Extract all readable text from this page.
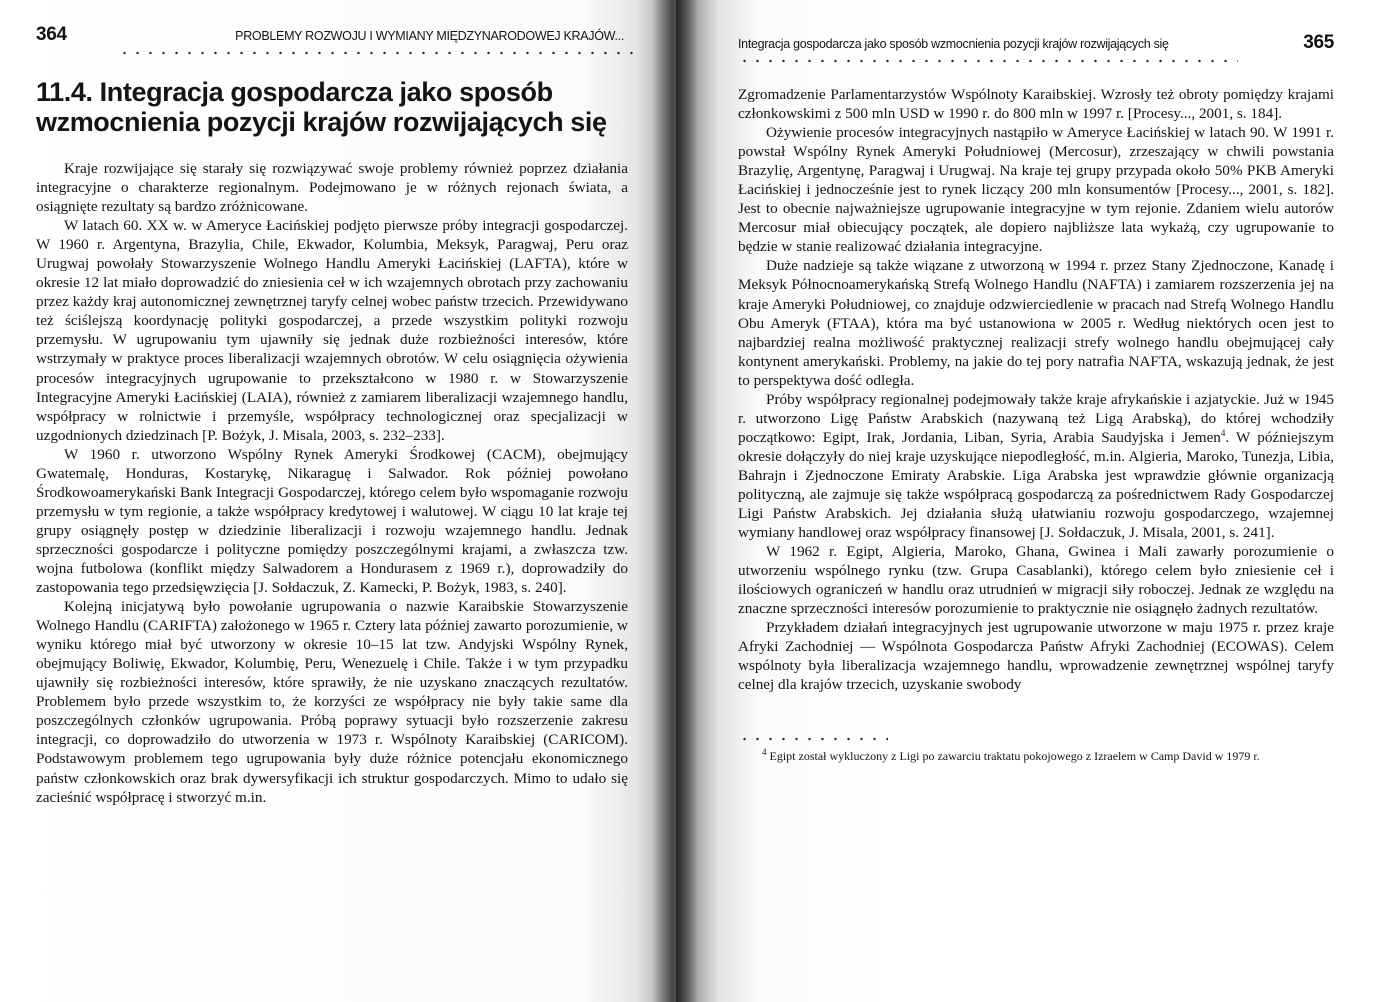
364	PROBLEMY ROZWOJU I WYMIANY MIĘDZYNARODOWEJ KRAJÓW...
11.4. Integracja gospodarcza jako sposób
wzmocnienia pozycji krajów rozwijających się

Kraje rozwijające się starały się rozwiązywać swoje problemy również poprzez działania integracyjne o charakterze regionalnym. Podejmowano je w różnych rejonach świata, a osiągnięte rezultaty są bardzo zróżnicowane.

W latach 60. XX w. w Ameryce Łacińskiej podjęto pierwsze próby integracji gospodarczej. W 1960 r. Argentyna, Brazylia, Chile, Ekwador, Kolumbia, Meksyk, Paragwaj, Peru oraz Urugwaj powołały Stowarzyszenie Wolnego Handlu Ameryki Łacińskiej (LAFTA), które w okresie 12 lat miało doprowadzić do zniesienia ceł w ich wzajemnych obrotach przy zachowaniu przez każdy kraj autonomicznej zewnętrznej taryfy celnej wobec państw trzecich. Przewidywano też ściślejszą koordynację polityki gospodarczej, a przede wszystkim polityki rozwoju przemysłu. W ugrupowaniu tym ujawniły się jednak duże rozbieżności interesów, które wstrzymały w praktyce proces liberalizacji wzajemnych obrotów. W celu osiągnięcia ożywienia procesów integracyjnych ugrupowanie to przekształcono w 1980 r. w Stowarzyszenie Integracyjne Ameryki Łacińskiej (LAIA), również z zamiarem liberalizacji wzajemnego handlu, współpracy w rolnictwie i przemyśle, współpracy technologicznej oraz specjalizacji w uzgodnionych dziedzinach [P. Bożyk, J. Misala, 2003, s. 232–233].

W 1960 r. utworzono Wspólny Rynek Ameryki Środkowej (CACM), obejmujący Gwatemalę, Honduras, Kostarykę, Nikaraguę i Salwador. Rok później powołano Środkowoamerykański Bank Integracji Gospodarczej, którego celem było wspomaganie rozwoju przemysłu w tym regionie, a także współpracy kredytowej i walutowej. W ciągu 10 lat kraje tej grupy osiągnęły postęp w dziedzinie liberalizacji i rozwoju wzajemnego handlu. Jednak sprzeczności gospodarcze i polityczne pomiędzy poszczególnymi krajami, a zwłaszcza tzw. wojna futbolowa (konflikt między Salwadorem a Hondurasem z 1969 r.), doprowadziły do zastopowania tego przedsięwzięcia [J. Sołdaczuk, Z. Kamecki, P. Bożyk, 1983, s. 240].

Kolejną inicjatywą było powołanie ugrupowania o nazwie Karaibskie Stowarzyszenie Wolnego Handlu (CARIFTA) założonego w 1965 r. Cztery lata później zawarto porozumienie, w wyniku którego miał być utworzony w okresie 10–15 lat tzw. Andyjski Wspólny Rynek, obejmujący Boliwię, Ekwador, Kolumbię, Peru, Wenezuelę i Chile. Także i w tym przypadku ujawniły się rozbieżności interesów, które sprawiły, że nie uzyskano znaczących rezultatów. Problemem było przede wszystkim to, że korzyści ze współpracy nie były takie same dla poszczególnych członków ugrupowania. Próbą poprawy sytuacji było rozszerzenie zakresu integracji, co doprowadziło do utworzenia w 1973 r. Wspólnoty Karaibskiej (CARICOM). Podstawowym problemem tego ugrupowania były duże różnice potencjału ekonomicznego państw członkowskich oraz brak dywersyfikacji ich struktur gospodarczych. Mimo to udało się zacieśnić współpracę i stworzyć m.in.

Integracja gospodarcza jako sposób wzmocnienia pozycji krajów rozwijających się	365

Zgromadzenie Parlamentarzystów Wspólnoty Karaibskiej. Wzrosły też obroty pomiędzy krajami członkowskimi z 500 mln USD w 1990 r. do 800 mln w 1997 r. [Procesy..., 2001, s. 184].

Ożywienie procesów integracyjnych nastąpiło w Ameryce Łacińskiej w latach 90. W 1991 r. powstał Wspólny Rynek Ameryki Południowej (Mercosur), zrzeszający w chwili powstania Brazylię, Argentynę, Paragwaj i Urugwaj. Na kraje tej grupy przypada około 50% PKB Ameryki Łacińskiej i jednocześnie jest to rynek liczący 200 mln konsumentów [Procesy..., 2001, s. 182]. Jest to obecnie najważniejsze ugrupowanie integracyjne w tym rejonie. Zdaniem wielu autorów Mercosur miał obiecujący początek, ale dopiero najbliższe lata wykażą, czy ugrupowanie to będzie w stanie realizować działania integracyjne.

Duże nadzieje są także wiązane z utworzoną w 1994 r. przez Stany Zjednoczone, Kanadę i Meksyk Północnoamerykańską Strefą Wolnego Handlu (NAFTA) i zamiarem rozszerzenia jej na kraje Ameryki Południowej, co znajduje odzwierciedlenie w pracach nad Strefą Wolnego Handlu Obu Ameryk (FTAA), która ma być ustanowiona w 2005 r. Według niektórych ocen jest to najbardziej realna możliwość praktycznej realizacji strefy wolnego handlu obejmującej cały kontynent amerykański. Problemy, na jakie do tej pory natrafia NAFTA, wskazują jednak, że jest to perspektywa dość odległa.

Próby współpracy regionalnej podejmowały także kraje afrykańskie i azjatyckie. Już w 1945 r. utworzono Ligę Państw Arabskich (nazywaną też Ligą Arabską), do której wchodziły początkowo: Egipt, Irak, Jordania, Liban, Syria, Arabia Saudyjska i Jemen$^4$. W późniejszym okresie dołączyły do niej kraje uzyskujące niepodległość, m.in. Algieria, Maroko, Tunezja, Libia, Bahrajn i Zjednoczone Emiraty Arabskie. Liga Arabska jest wprawdzie głównie organizacją polityczną, ale zajmuje się także współpracą gospodarczą za pośrednictwem Rady Gospodarczej Ligi Państw Arabskich. Jej działania służą ułatwianiu rozwoju gospodarczego, wzajemnej wymiany handlowej oraz współpracy finansowej [J. Sołdaczuk, J. Misala, 2001, s. 241].

W 1962 r. Egipt, Algieria, Maroko, Ghana, Gwinea i Mali zawarły porozumienie o utworzeniu wspólnego rynku (tzw. Grupa Casablanki), którego celem było zniesienie ceł i ilościowych ograniczeń w handlu oraz utrudnień w migracji siły roboczej. Jednak ze względu na znaczne sprzeczności interesów porozumienie to praktycznie nie osiągnęło żadnych rezultatów.

Przykładem działań integracyjnych jest ugrupowanie utworzone w maju 1975 r. przez kraje Afryki Zachodniej — Wspólnota Gospodarcza Państw Afryki Zachodniej (ECOWAS). Celem wspólnoty była liberalizacja wzajemnego handlu, wprowadzenie zewnętrznej wspólnej taryfy celnej dla krajów trzecich, uzyskanie swobody

$^4$ Egipt został wykluczony z Ligi po zawarciu traktatu pokojowego z Izraelem w Camp David w 1979 r.
